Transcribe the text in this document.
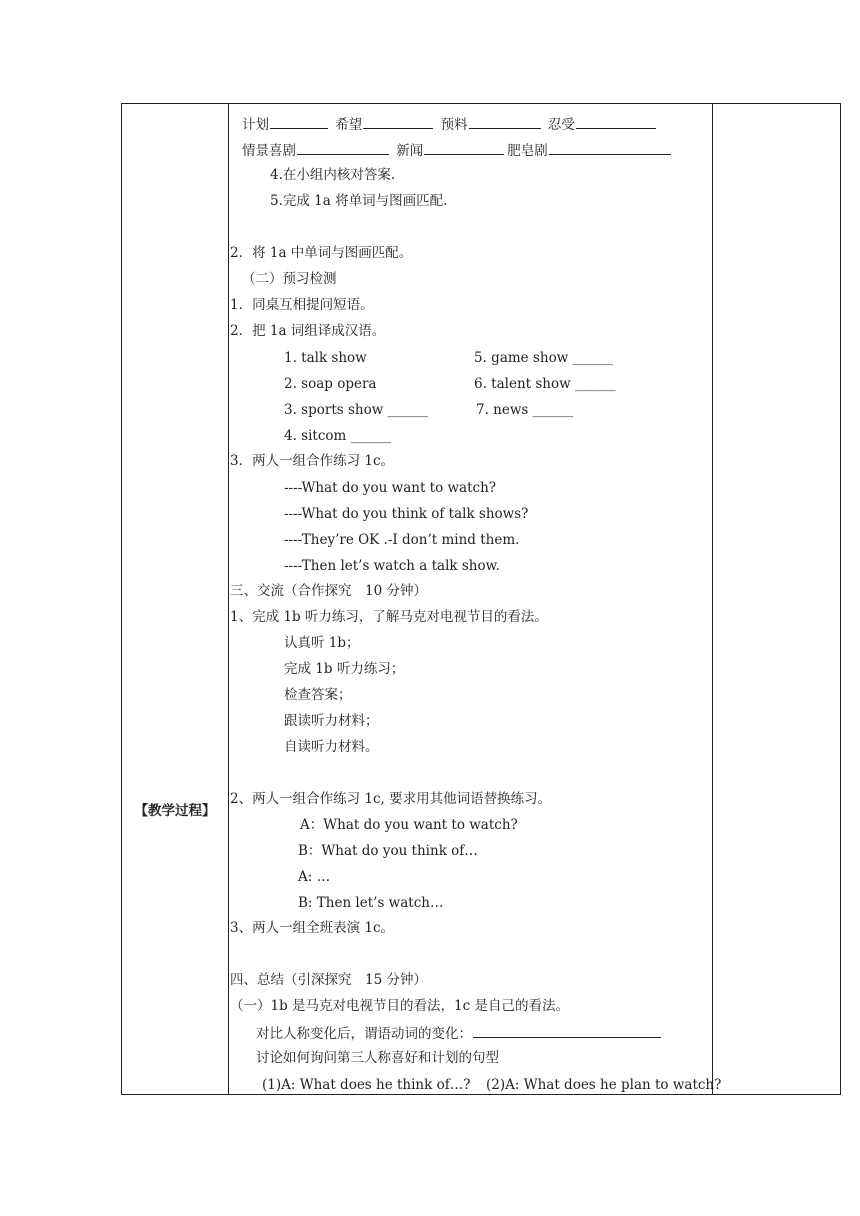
【教学过程】
计划	希望	预料	忍受
情景喜剧	新闻	肥皂剧
4.在小组内核对答案.
5.完成 1a 将单词与图画匹配.
2．将 1a 中单词与图画匹配。
（二）预习检测
1．同桌互相提问短语。
2．把 1a 词组译成汉语。
1. talk show	5. game show ______
2. soap opera	6. talent show ______
3. sports show ______	7. news ______
4. sitcom ______
3．两人一组合作练习 1c。
----What do you want to watch?
----What do you think of talk shows?
----They’re OK .-I don’t mind them.
----Then let’s watch a talk show.
三、交流（合作探究　10 分钟）
1、完成 1b 听力练习，了解马克对电视节目的看法。
认真听 1b；
完成 1b 听力练习；
检查答案；
跟读听力材料；
自读听力材料。
2、两人一组合作练习 1c, 要求用其他词语替换练习。
A：What do you want to watch?
B：What do you think of…
A: …
B: Then let’s watch…
3、两人一组全班表演 1c。
四、总结（引深探究　15 分钟）
（一）1b 是马克对电视节目的看法，1c 是自己的看法。
对比人称变化后，谓语动词的变化：
讨论如何询问第三人称喜好和计划的句型
(1)A: What does he think of…? (2)A: What does he plan to watch?
